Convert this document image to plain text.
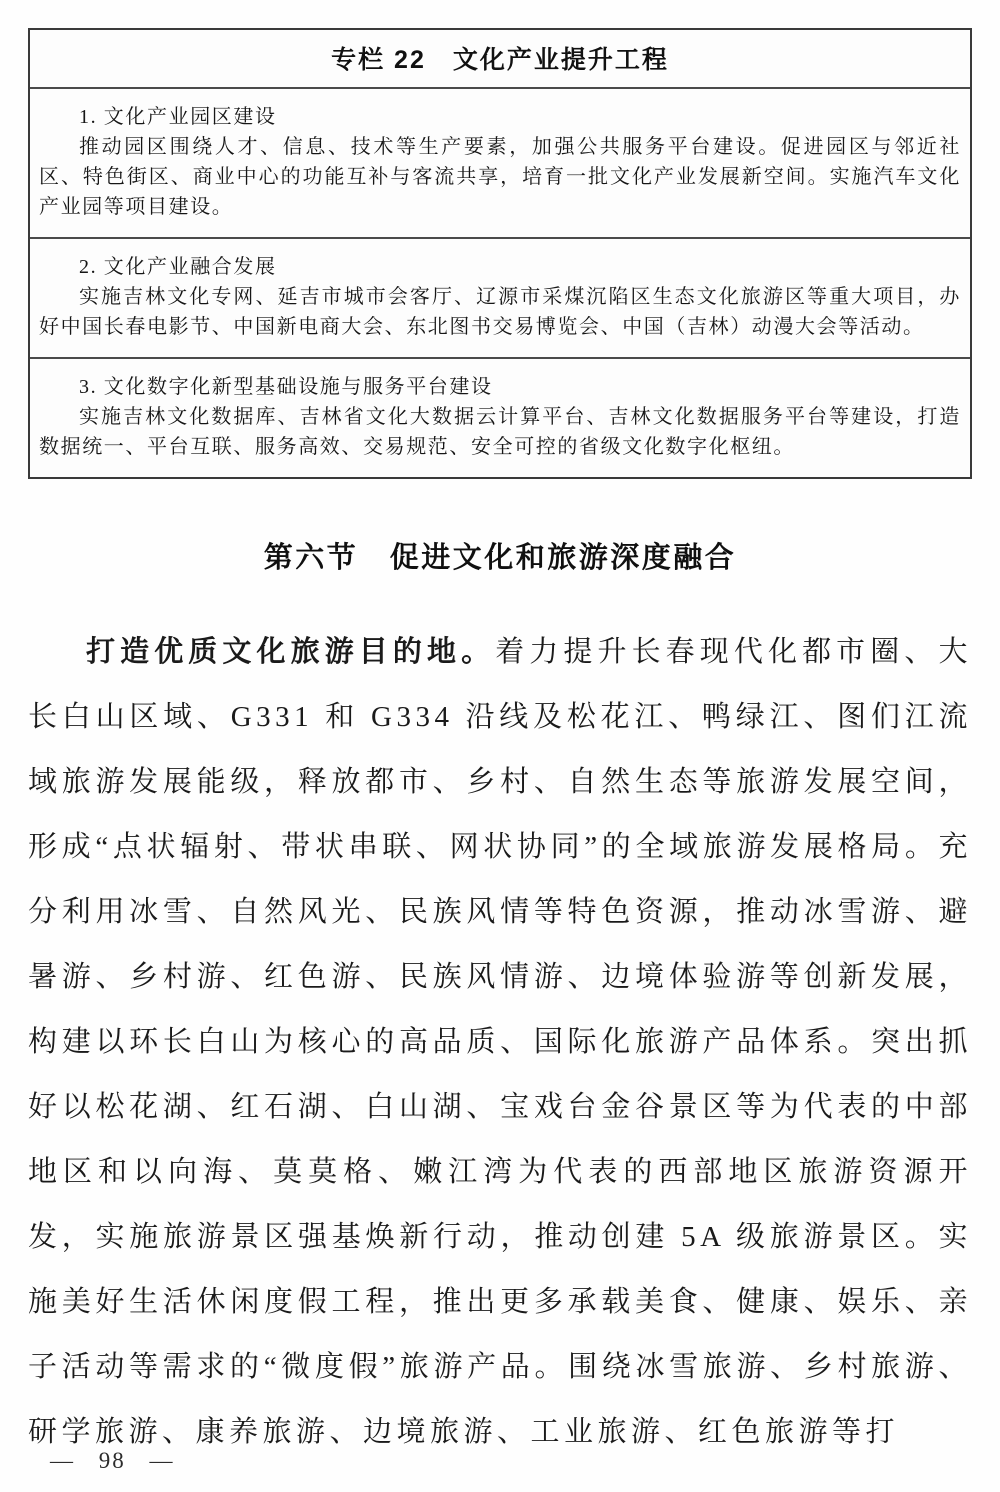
专栏 22　文化产业提升工程

1. 文化产业园区建设

推动园区围绕人才、信息、技术等生产要素，加强公共服务平台建设。促进园区与邻近社区、特色街区、商业中心的功能互补与客流共享，培育一批文化产业发展新空间。实施汽车文化产业园等项目建设。

2. 文化产业融合发展

实施吉林文化专网、延吉市城市会客厅、辽源市采煤沉陷区生态文化旅游区等重大项目，办好中国长春电影节、中国新电商大会、东北图书交易博览会、中国（吉林）动漫大会等活动。

3. 文化数字化新型基础设施与服务平台建设

实施吉林文化数据库、吉林省文化大数据云计算平台、吉林文化数据服务平台等建设，打造数据统一、平台互联、服务高效、交易规范、安全可控的省级文化数字化枢纽。

第六节　促进文化和旅游深度融合

打造优质文化旅游目的地。着力提升长春现代化都市圈、大长白山区域、G331 和 G334 沿线及松花江、鸭绿江、图们江流域旅游发展能级，释放都市、乡村、自然生态等旅游发展空间，形成“点状辐射、带状串联、网状协同”的全域旅游发展格局。充分利用冰雪、自然风光、民族风情等特色资源，推动冰雪游、避暑游、乡村游、红色游、民族风情游、边境体验游等创新发展，构建以环长白山为核心的高品质、国际化旅游产品体系。突出抓好以松花湖、红石湖、白山湖、宝戏台金谷景区等为代表的中部地区和以向海、莫莫格、嫩江湾为代表的西部地区旅游资源开发，实施旅游景区强基焕新行动，推动创建 5A 级旅游景区。实施美好生活休闲度假工程，推出更多承载美食、健康、娱乐、亲子活动等需求的“微度假”旅游产品。围绕冰雪旅游、乡村旅游、研学旅游、康养旅游、边境旅游、工业旅游、红色旅游等打

— 98 —
